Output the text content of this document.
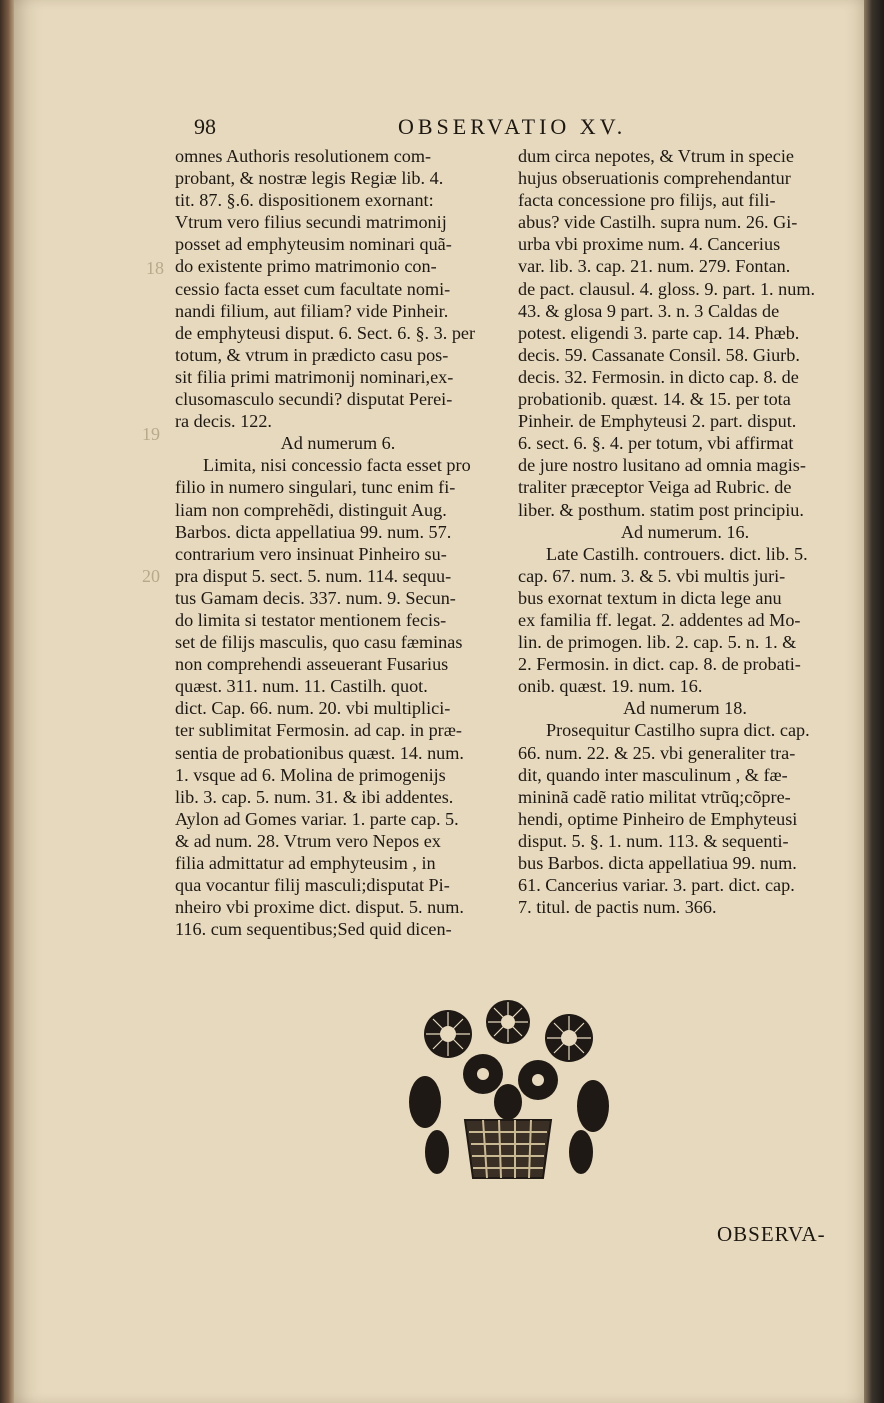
98	OBSERVATIO XV.
omnes Authoris resolutionem com-
probant, & nostræ legis Regiæ lib. 4.
tit. 87. §.6. dispositionem exornant:
Vtrum vero filius secundi matrimonij
posset ad emphyteusim nominari quã-
do existente primo matrimonio con-
cessio facta esset cum facultate nomi-
nandi filium, aut filiam? vide Pinheir.
de emphyteusi disput. 6. Sect. 6. §. 3. per
totum, & vtrum in prædicto casu pos-
sit filia primi matrimonij nominari,ex-
clusomasculo secundi? disputat Perei-
ra decis. 122.
Ad numerum 6.
Limita, nisi concessio facta esset pro
filio in numero singulari, tunc enim fi-
liam non comprehẽdi, distinguit Aug.
Barbos. dicta appellatiua 99. num. 57.
contrarium vero insinuat Pinheiro su-
pra disput 5. sect. 5. num. 114. sequu-
tus Gamam decis. 337. num. 9. Secun-
do limita si testator mentionem fecis-
set de filijs masculis, quo casu fæminas
non comprehendi asseuerant Fusarius
quæst. 311. num. 11. Castilh. quot.
dict. Cap. 66. num. 20. vbi multiplici-
ter sublimitat Fermosin. ad cap. in præ-
sentia de probationibus quæst. 14. num.
1. vsque ad 6. Molina de primogenijs
lib. 3. cap. 5. num. 31. & ibi addentes.
Aylon ad Gomes variar. 1. parte cap. 5.
& ad num. 28. Vtrum vero Nepos ex
filia admittatur ad emphyteusim , in
qua vocantur filij masculi;disputat Pi-
nheiro vbi proxime dict. disput. 5. num.
116. cum sequentibus;Sed quid dicen-
dum circa nepotes, & Vtrum in specie
hujus obseruationis comprehendantur
facta concessione pro filijs, aut fili-
abus? vide Castilh. supra num. 26. Gi-
urba vbi proxime num. 4. Cancerius
var. lib. 3. cap. 21. num. 279. Fontan.
de pact. clausul. 4. gloss. 9. part. 1. num.
43. & glosa 9 part. 3. n. 3 Caldas de
potest. eligendi 3. parte cap. 14. Phæb.
decis. 59. Cassanate Consil. 58. Giurb.
decis. 32. Fermosin. in dicto cap. 8. de
probationib. quæst. 14. & 15. per tota
Pinheir. de Emphyteusi 2. part. disput.
6. sect. 6. §. 4. per totum, vbi affirmat
de jure nostro lusitano ad omnia magis-
traliter præceptor Veiga ad Rubric. de
liber. & posthum. statim post principiu.
Ad numerum. 16.
Late Castilh. controuers. dict. lib. 5.
cap. 67. num. 3. & 5. vbi multis juri-
bus exornat textum in dicta lege anu
ex familia ff. legat. 2. addentes ad Mo-
lin. de primogen. lib. 2. cap. 5. n. 1. &
2. Fermosin. in dict. cap. 8. de probati-
onib. quæst. 19. num. 16.
Ad numerum 18.
Prosequitur Castilho supra dict. cap.
66. num. 22. & 25. vbi generaliter tra-
dit, quando inter masculinum , & fæ-
mininã cadẽ ratio militat vtrũq;cõpre-
hendi, optime Pinheiro de Emphyteusi
disput. 5. §. 1. num. 113. & sequenti-
bus Barbos. dicta appellatiua 99. num.
61. Cancerius variar. 3. part. dict. cap.
7. titul. de pactis num. 366.
18
19
20
OBSERVA-
